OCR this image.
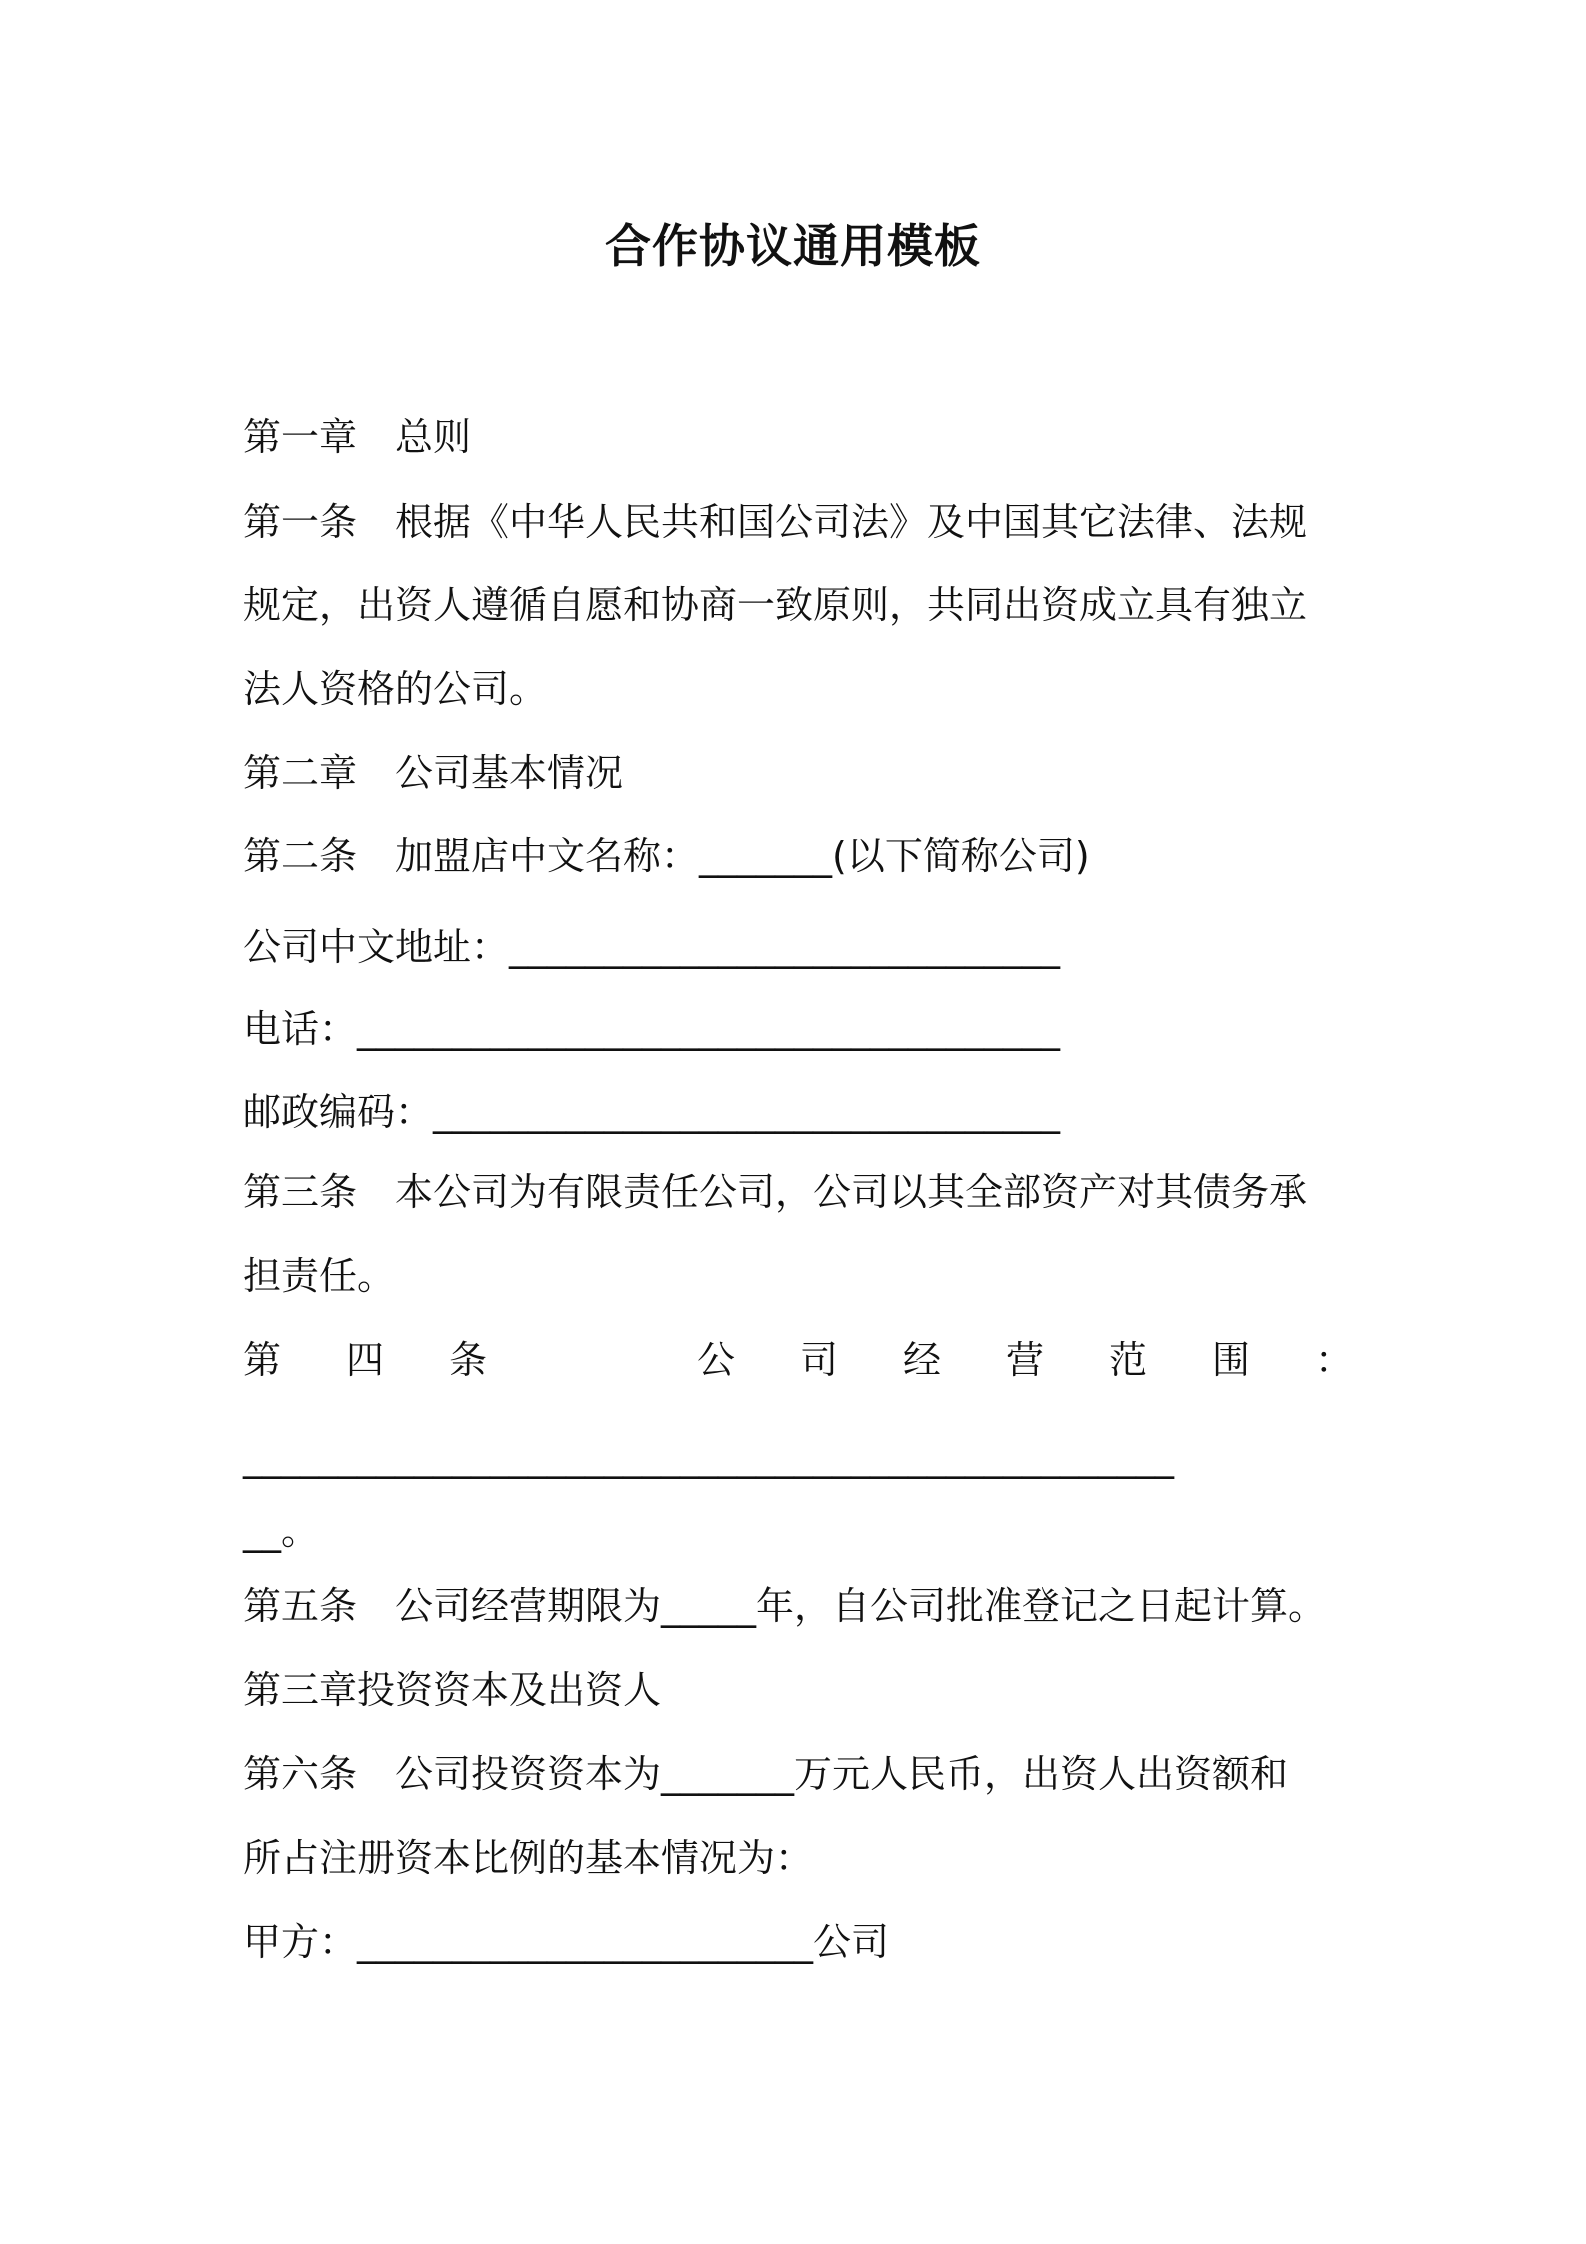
合作协议通用模板

第一章　总则

第一条　根据《中华人民共和国公司法》及中国其它法律、法规

规定，出资人遵循自愿和协商一致原则，共同出资成立具有独立

法人资格的公司。

第二章　公司基本情况

第二条　加盟店中文名称：_______(以下简称公司)

公司中文地址：_____________________________

电话：_____________________________________

邮政编码：_________________________________

第三条　本公司为有限责任公司，公司以其全部资产对其债务承

担责任。

第 四 条	公 司 经 营 范 围 ：

_________________________________________________

__。

第五条　公司经营期限为_____年，自公司批准登记之日起计算。

第三章投资资本及出资人

第六条　公司投资资本为_______万元人民币，出资人出资额和

所占注册资本比例的基本情况为：

甲方：________________________公司
